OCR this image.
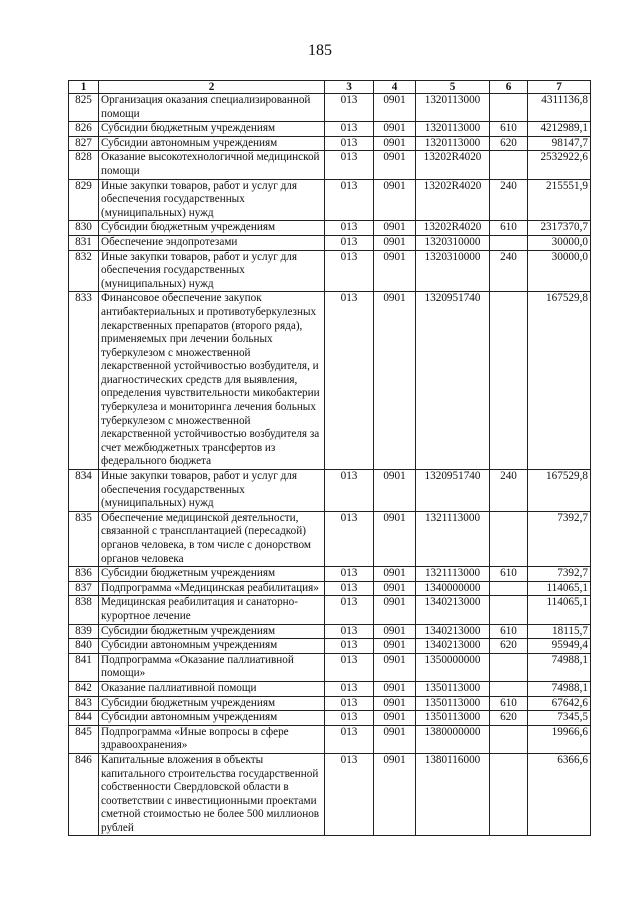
185
1	2	3	4	5	6	7
825	Организация оказания специализированной помощи	013	0901	1320113000		4311136,8
826	Субсидии бюджетным учреждениям	013	0901	1320113000	610	4212989,1
827	Субсидии автономным учреждениям	013	0901	1320113000	620	98147,7
828	Оказание высокотехнологичной медицинской помощи	013	0901	13202R4020		2532922,6
829	Иные закупки товаров, работ и услуг для обеспечения государственных (муниципальных) нужд	013	0901	13202R4020	240	215551,9
830	Субсидии бюджетным учреждениям	013	0901	13202R4020	610	2317370,7
831	Обеспечение эндопротезами	013	0901	1320310000		30000,0
832	Иные закупки товаров, работ и услуг для обеспечения государственных (муниципальных) нужд	013	0901	1320310000	240	30000,0
833	Финансовое обеспечение закупок антибактериальных и противотуберкулезных лекарственных препаратов (второго ряда), применяемых при лечении больных туберкулезом с множественной лекарственной устойчивостью возбудителя, и диагностических средств для выявления, определения чувствительности микобактерии туберкулеза и мониторинга лечения больных туберкулезом с множественной лекарственной устойчивостью возбудителя за счет межбюджетных трансфертов из федерального бюджета	013	0901	1320951740		167529,8
834	Иные закупки товаров, работ и услуг для обеспечения государственных (муниципальных) нужд	013	0901	1320951740	240	167529,8
835	Обеспечение медицинской деятельности, связанной с трансплантацией (пересадкой) органов человека, в том числе с донорством органов человека	013	0901	1321113000		7392,7
836	Субсидии бюджетным учреждениям	013	0901	1321113000	610	7392,7
837	Подпрограмма «Медицинская реабилитация»	013	0901	1340000000		114065,1
838	Медицинская реабилитация и санаторно-курортное лечение	013	0901	1340213000		114065,1
839	Субсидии бюджетным учреждениям	013	0901	1340213000	610	18115,7
840	Субсидии автономным учреждениям	013	0901	1340213000	620	95949,4
841	Подпрограмма «Оказание паллиативной помощи»	013	0901	1350000000		74988,1
842	Оказание паллиативной помощи	013	0901	1350113000		74988,1
843	Субсидии бюджетным учреждениям	013	0901	1350113000	610	67642,6
844	Субсидии автономным учреждениям	013	0901	1350113000	620	7345,5
845	Подпрограмма «Иные вопросы в сфере здравоохранения»	013	0901	1380000000		19966,6
846	Капитальные вложения в объекты капитального строительства государственной собственности Свердловской области в соответствии с инвестиционными проектами сметной стоимостью не более 500 миллионов рублей	013	0901	1380116000		6366,6
